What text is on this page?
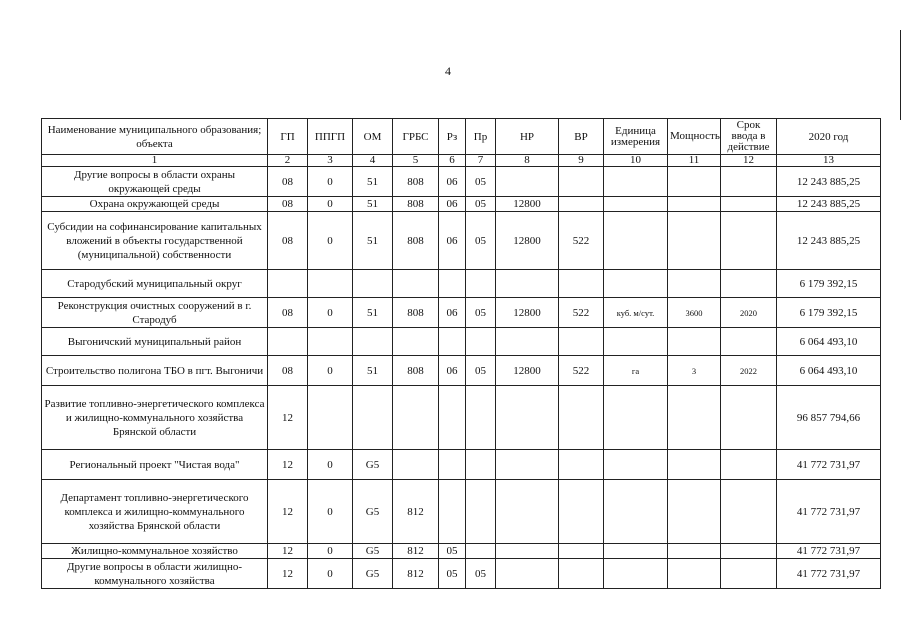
4
Наименование муниципального образования; объекта	ГП	ППГП	ОМ	ГРБС	Рз	Пр	НР	ВР	Единица измерения	Мощность	Срок ввода в действие	2020 год
1	2	3	4	5	6	7	8	9	10	11	12	13
Другие вопросы в области охраны окружающей среды	08	0	51	808	06	05						12 243 885,25
Охрана окружающей среды	08	0	51	808	06	05	12800					12 243 885,25
Субсидии на софинансирование капитальных вложений в объекты государственной (муниципальной) собственности	08	0	51	808	06	05	12800	522				12 243 885,25
Стародубский муниципальный округ												6 179 392,15
Реконструкция очистных сооружений в г. Стародуб	08	0	51	808	06	05	12800	522	куб. м/сут.	3600	2020	6 179 392,15
Выгоничский муниципальный район												6 064 493,10
Строительство полигона ТБО в пгт. Выгоничи	08	0	51	808	06	05	12800	522	га	3	2022	6 064 493,10
Развитие топливно-энергетического комплекса и жилищно-коммунального хозяйства Брянской области	12											96 857 794,66
Региональный проект "Чистая вода"	12	0	G5									41 772 731,97
Департамент топливно-энергетического комплекса и жилищно-коммунального хозяйства Брянской области	12	0	G5	812								41 772 731,97
Жилищно-коммунальное хозяйство	12	0	G5	812	05							41 772 731,97
Другие вопросы в области жилищно-коммунального хозяйства	12	0	G5	812	05	05						41 772 731,97
